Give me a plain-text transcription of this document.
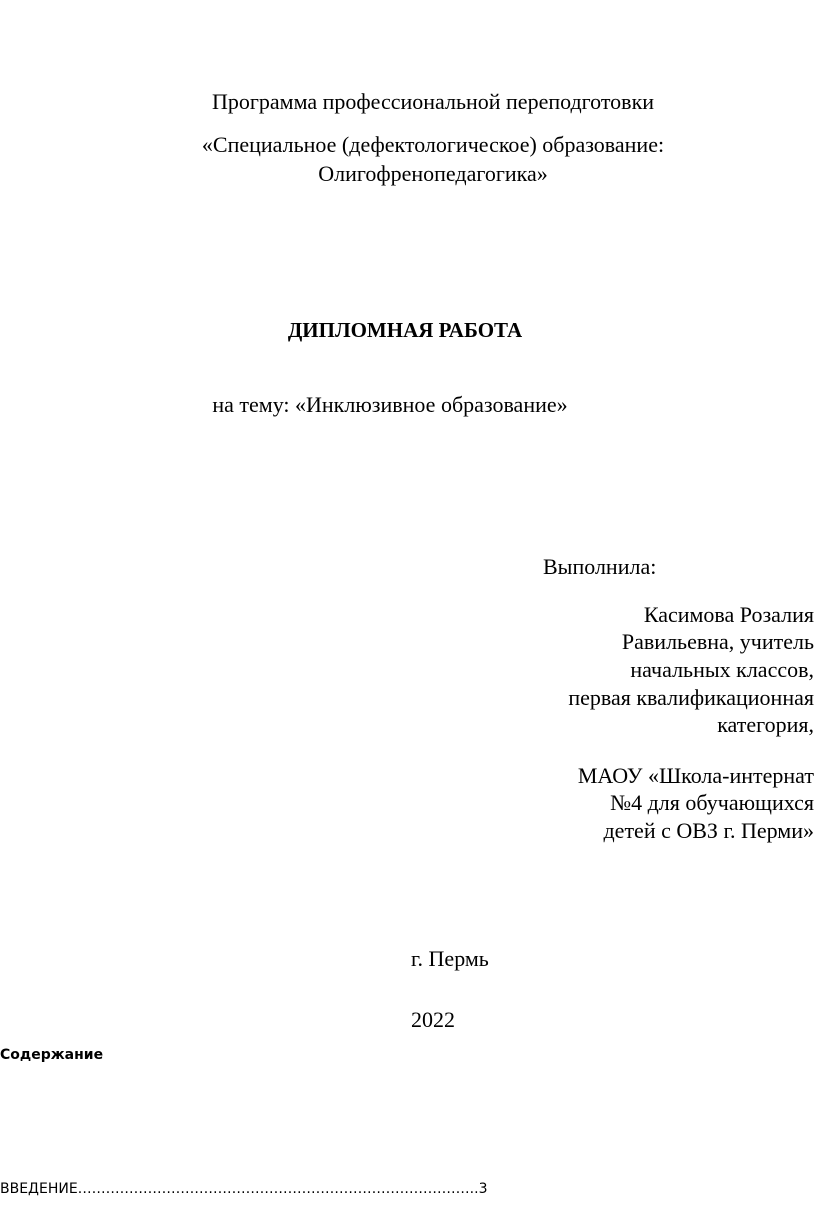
Программа профессиональной переподготовки
«Специальное (дефектологическое) образование:
Олигофренопедагогика»
ДИПЛОМНАЯ РАБОТА
на тему: «Инклюзивное образование»
Выполнила:
Касимова Розалия
Равильевна, учитель
начальных классов,
первая квалификационная
категория,
МАОУ «Школа-интернат
№4 для обучающихся
детей с ОВЗ г. Перми»
г. Пермь
2022
Содержание
ВВЕДЕНИЕ…………………………………………………………………………..3
